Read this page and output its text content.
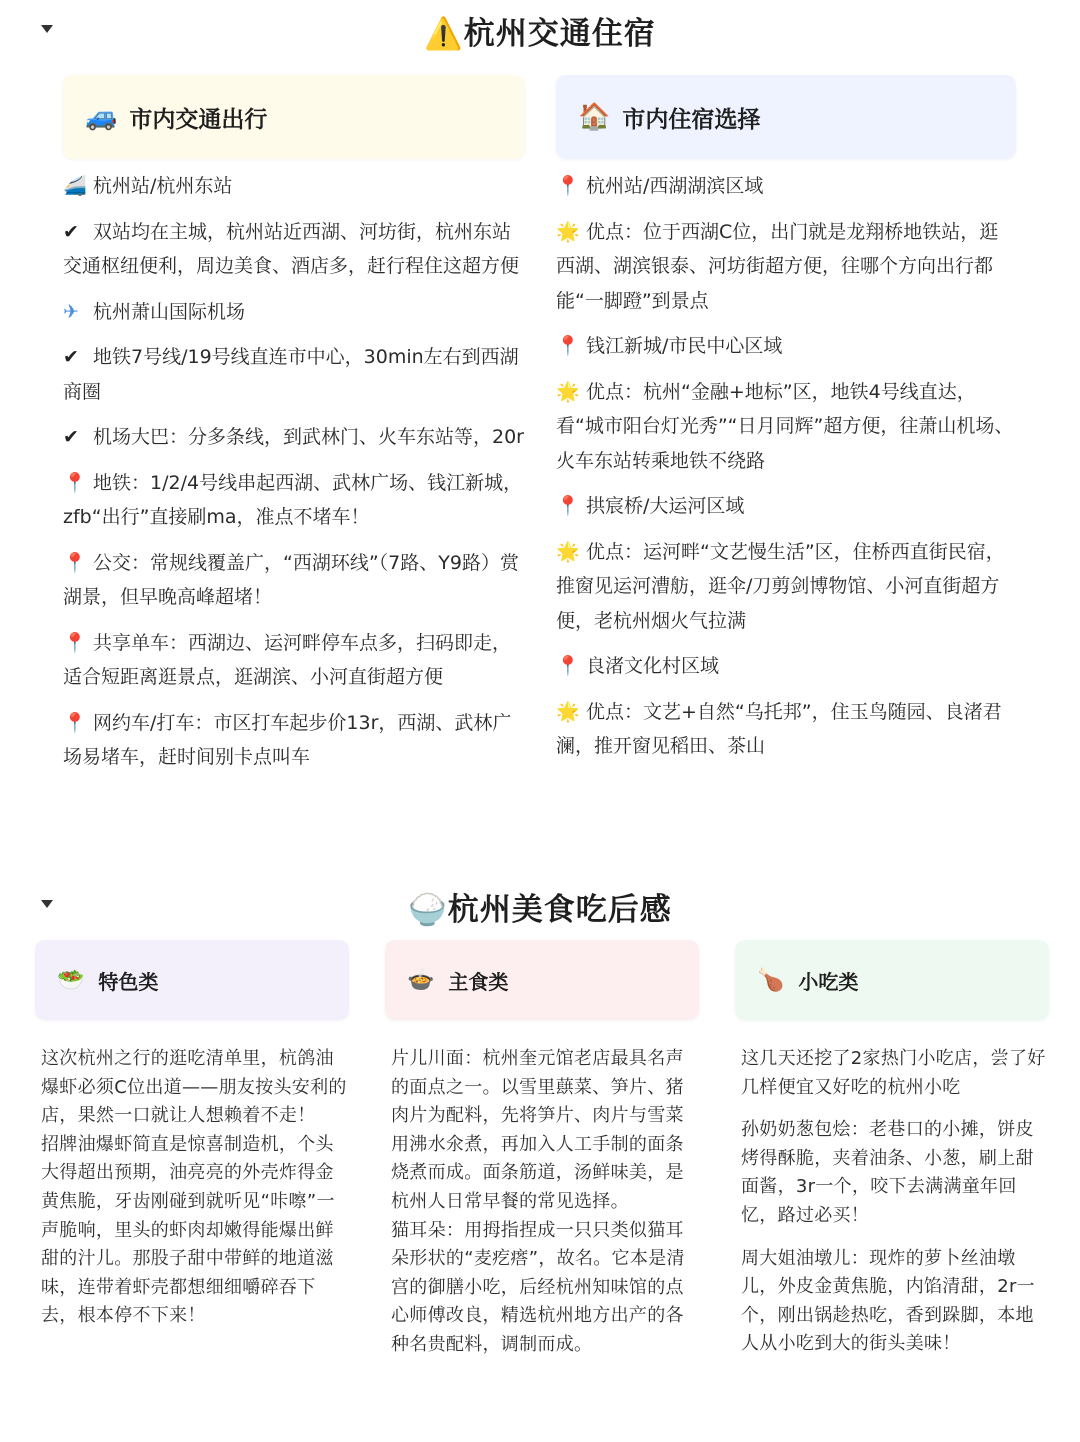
⚠️杭州交通住宿
🚙 市内交通出行
🚄 杭州站/杭州东站
✔ 双站均在主城，杭州站近西湖、河坊街，杭州东站交通枢纽便利，周边美食、酒店多，赶行程住这超方便
✈ 杭州萧山国际机场
✔ 地铁7号线/19号线直连市中心，30min左右到西湖商圈
✔ 机场大巴：分多条线，到武林门、火车东站等，20r
📍 地铁：1/2/4号线串起西湖、武林广场、钱江新城，zfb“出行”直接刷ma，准点不堵车！
📍 公交：常规线覆盖广，“西湖环线”（7路、Y9路）赏湖景，但早晚高峰超堵！
📍 共享单车：西湖边、运河畔停车点多，扫码即走，适合短距离逛景点，逛湖滨、小河直街超方便
📍 网约车/打车：市区打车起步价13r，西湖、武林广场易堵车，赶时间别卡点叫车
🏠 市内住宿选择
📍 杭州站/西湖湖滨区域
🌟 优点：位于西湖C位，出门就是龙翔桥地铁站，逛西湖、湖滨银泰、河坊街超方便，往哪个方向出行都能“一脚蹬”到景点
📍 钱江新城/市民中心区域
🌟 优点：杭州“金融+地标”区，地铁4号线直达，看“城市阳台灯光秀”“日月同辉”超方便，往萧山机场、火车东站转乘地铁不绕路
📍 拱宸桥/大运河区域
🌟 优点：运河畔“文艺慢生活”区，住桥西直街民宿，推窗见运河漕舫，逛伞/刀剪剑博物馆、小河直街超方便，老杭州烟火气拉满
📍 良渚文化村区域
🌟 优点：文艺+自然“乌托邦”，住玉鸟随园、良渚君澜，推开窗见稻田、茶山
🍚杭州美食吃后感
🥗 特色类

这次杭州之行的逛吃清单里，杭鸽油爆虾必须C位出道——朋友按头安利的店，果然一口就让人想赖着不走！

招牌油爆虾简直是惊喜制造机，个头大得超出预期，油亮亮的外壳炸得金黄焦脆，牙齿刚碰到就听见“咔嚓”一声脆响，里头的虾肉却嫩得能爆出鲜甜的汁儿。那股子甜中带鲜的地道滋味，连带着虾壳都想细细嚼碎吞下去，根本停不下来！

🍲 主食类

片儿川面：杭州奎元馆老店最具名声的面点之一。以雪里蕻菜、笋片、猪肉片为配料，先将笋片、肉片与雪菜用沸水氽煮，再加入人工手制的面条烧煮而成。面条筋道，汤鲜味美，是杭州人日常早餐的常见选择。

猫耳朵：用拇指捏成一只只类似猫耳朵形状的“麦疙瘩”，故名。它本是清宫的御膳小吃，后经杭州知味馆的点心师傅改良，精选杭州地方出产的各种名贵配料，调制而成。

🍗 小吃类

这几天还挖了2家热门小吃店，尝了好几样便宜又好吃的杭州小吃

孙奶奶葱包烩：老巷口的小摊，饼皮烤得酥脆，夹着油条、小葱，刷上甜面酱，3r一个，咬下去满满童年回忆，路过必买！

周大姐油墩儿：现炸的萝卜丝油墩儿，外皮金黄焦脆，内馅清甜，2r一个，刚出锅趁热吃，香到跺脚，本地人从小吃到大的街头美味！
